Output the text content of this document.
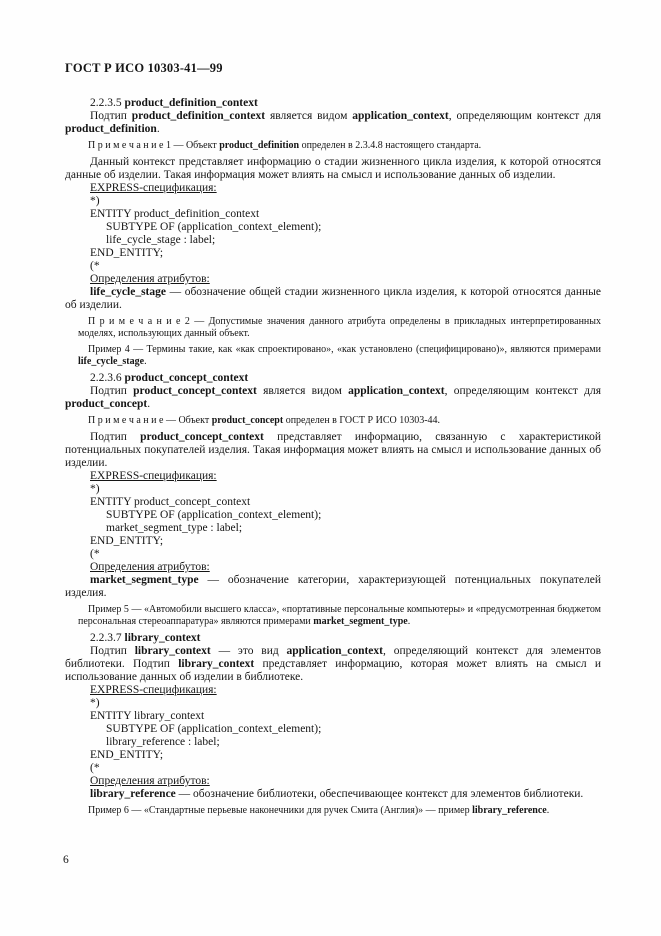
ГОСТ Р ИСО 10303-41—99
2.2.3.5 product_definition_context
Подтип product_definition_context является видом application_context, определяющим контекст для product_definition.
П р и м е ч а н и е 1 — Объект product_definition определен в 2.3.4.8 настоящего стандарта.
Данный контекст представляет информацию о стадии жизненного цикла изделия, к которой относятся данные об изделии. Такая информация может влиять на смысл и использование данных об изделии.
EXPRESS-спецификация:
*)
ENTITY product_definition_context
SUBTYPE OF (application_context_element);
life_cycle_stage : label;
END_ENTITY;
(*
Определения атрибутов:
life_cycle_stage — обозначение общей стадии жизненного цикла изделия, к которой относятся данные об изделии.
П р и м е ч а н и е 2 — Допустимые значения данного атрибута определены в прикладных интерпретированных моделях, использующих данный объект.
Пример 4 — Термины такие, как «как спроектировано», «как установлено (специфицировано)», являются примерами life_cycle_stage.
2.2.3.6 product_concept_context
Подтип product_concept_context является видом application_context, определяющим контекст для product_concept.
П р и м е ч а н и е — Объект product_concept определен в ГОСТ Р ИСО 10303-44.
Подтип product_concept_context представляет информацию, связанную с характеристикой потенциальных покупателей изделия. Такая информация может влиять на смысл и использование данных об изделии.
EXPRESS-спецификация:
*)
ENTITY product_concept_context
SUBTYPE OF (application_context_element);
market_segment_type : label;
END_ENTITY;
(*
Определения атрибутов:
market_segment_type — обозначение категории, характеризующей потенциальных покупателей изделия.
Пример 5 — «Автомобили высшего класса», «портативные персональные компьютеры» и «предусмотренная бюджетом персональная стереоаппаратура» являются примерами market_segment_type.
2.2.3.7 library_context
Подтип library_context — это вид application_context, определяющий контекст для элементов библиотеки. Подтип library_context представляет информацию, которая может влиять на смысл и использование данных об изделии в библиотеке.
EXPRESS-спецификация:
*)
ENTITY library_context
SUBTYPE OF (application_context_element);
library_reference : label;
END_ENTITY;
(*
Определения атрибутов:
library_reference — обозначение библиотеки, обеспечивающее контекст для элементов библиотеки.
Пример 6 — «Стандартные перьевые наконечники для ручек Смита (Англия)» — пример library_reference.
6
